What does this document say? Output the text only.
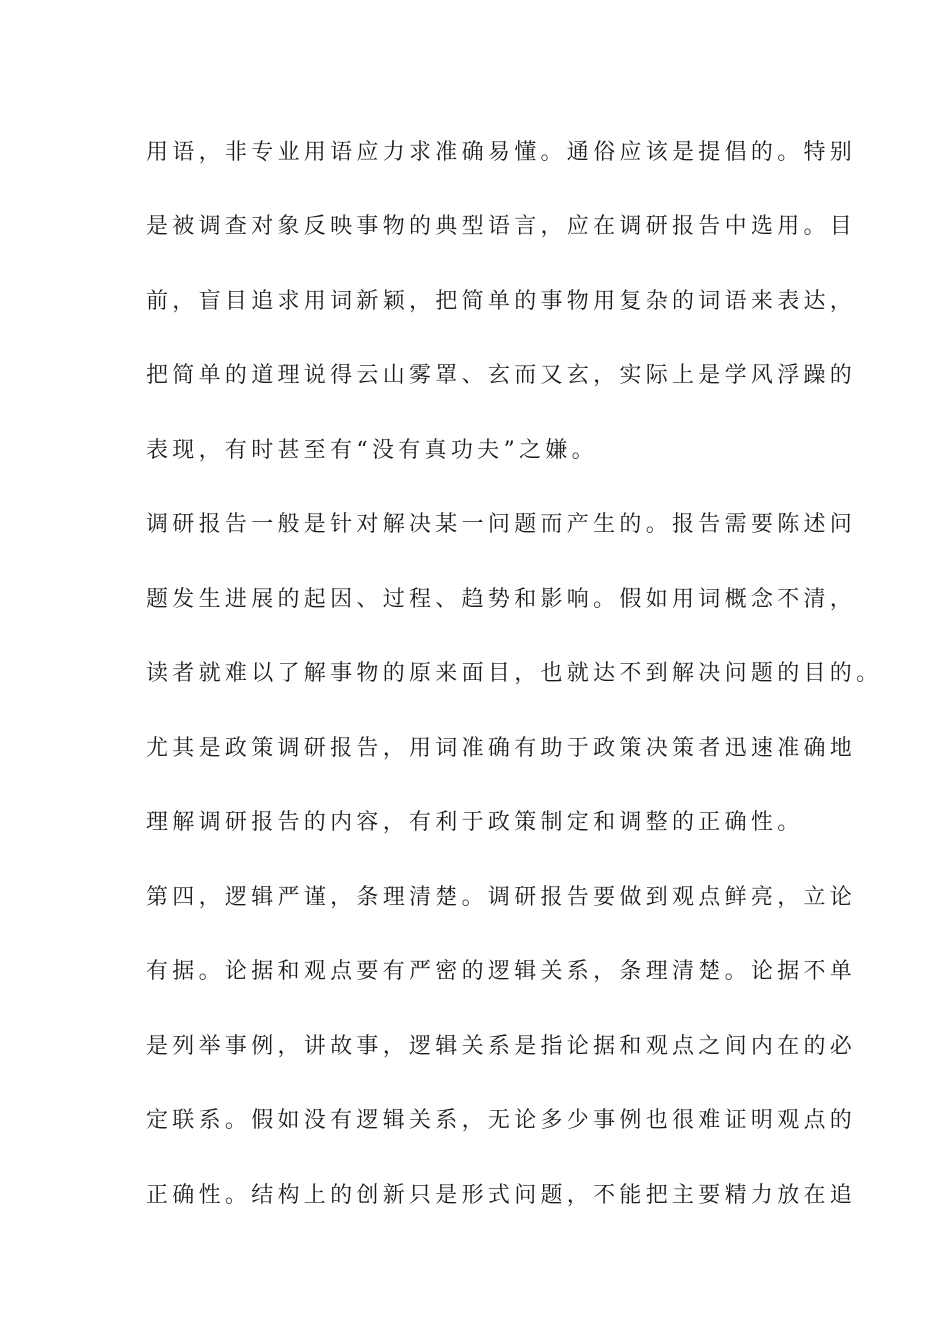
用语，非专业用语应力求准确易懂。通俗应该是提倡的。特别
是被调查对象反映事物的典型语言，应在调研报告中选用。目
前，盲目追求用词新颖，把简单的事物用复杂的词语来表达，
把简单的道理说得云山雾罩、玄而又玄，实际上是学风浮躁的
表现，有时甚至有“没有真功夫”之嫌。
调研报告一般是针对解决某一问题而产生的。报告需要陈述问
题发生进展的起因、过程、趋势和影响。假如用词概念不清，
读者就难以了解事物的原来面目，也就达不到解决问题的目的。
尤其是政策调研报告，用词准确有助于政策决策者迅速准确地
理解调研报告的内容，有利于政策制定和调整的正确性。
第四，逻辑严谨，条理清楚。调研报告要做到观点鲜亮，立论
有据。论据和观点要有严密的逻辑关系，条理清楚。论据不单
是列举事例，讲故事，逻辑关系是指论据和观点之间内在的必
定联系。假如没有逻辑关系，无论多少事例也很难证明观点的
正确性。结构上的创新只是形式问题，不能把主要精力放在追
